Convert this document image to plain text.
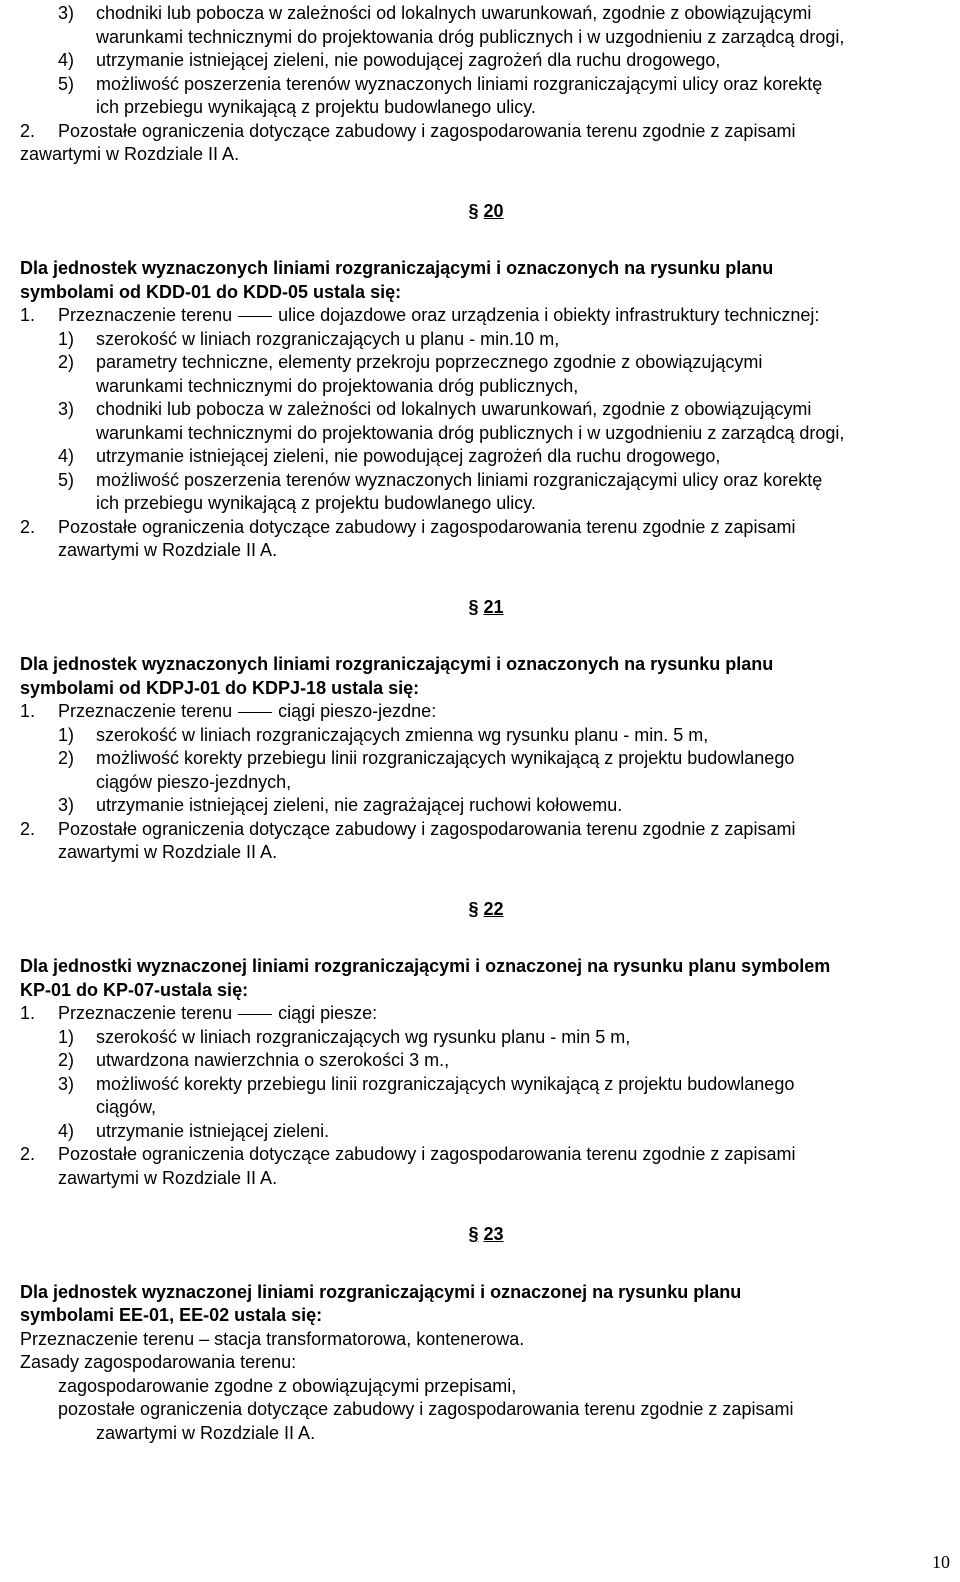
3)	chodniki lub pobocza w zależności od lokalnych uwarunkowań, zgodnie z obowiązującymi
warunkami technicznymi do projektowania dróg publicznych i w uzgodnieniu z zarządcą drogi,
4)	utrzymanie istniejącej zieleni, nie powodującej zagrożeń dla ruchu drogowego,
5)	możliwość poszerzenia terenów wyznaczonych liniami rozgraniczającymi ulicy oraz korektę
ich przebiegu wynikającą z projektu budowlanego ulicy.
2.	Pozostałe ograniczenia dotyczące zabudowy i zagospodarowania terenu zgodnie z zapisami

zawartymi w Rozdziale II A.

§ 20

Dla jednostek wyznaczonych liniami rozgraniczającymi i oznaczonych na rysunku planu
symbolami od KDD-01 do KDD-05 ustala się:

1.	Przeznaczenie terenu	ulice dojazdowe oraz urządzenia i obiekty infrastruktury technicznej:
1)	szerokość w liniach rozgraniczających u planu - min.10 m,
2)	parametry techniczne, elementy przekroju poprzecznego zgodnie z obowiązującymi
warunkami technicznymi do projektowania dróg publicznych,
3)	chodniki lub pobocza w zależności od lokalnych uwarunkowań, zgodnie z obowiązującymi
warunkami technicznymi do projektowania dróg publicznych i w uzgodnieniu z zarządcą drogi,
4)	utrzymanie istniejącej zieleni, nie powodującej zagrożeń dla ruchu drogowego,
5)	możliwość poszerzenia terenów wyznaczonych liniami rozgraniczającymi ulicy oraz korektę
ich przebiegu wynikającą z projektu budowlanego ulicy.
2.	Pozostałe ograniczenia dotyczące zabudowy i zagospodarowania terenu zgodnie z zapisami

zawartymi w Rozdziale II A.

§ 21

Dla jednostek wyznaczonych liniami rozgraniczającymi i oznaczonych na rysunku planu
symbolami od KDPJ-01 do KDPJ-18 ustala się:

1.	Przeznaczenie terenu	ciągi pieszo-jezdne:
1)	szerokość w liniach rozgraniczających zmienna wg rysunku planu - min. 5 m,
2)	możliwość korekty przebiegu linii rozgraniczających wynikającą z projektu budowlanego
ciągów pieszo-jezdnych,
3)	utrzymanie istniejącej zieleni, nie zagrażającej ruchowi kołowemu.
2.	Pozostałe ograniczenia dotyczące zabudowy i zagospodarowania terenu zgodnie z zapisami

zawartymi w Rozdziale II A.

§ 22

Dla jednostki wyznaczonej liniami rozgraniczającymi i oznaczonej na rysunku planu symbolem
KP-01 do KP-07-ustala się:

1.	Przeznaczenie terenu	ciągi piesze:
1)	szerokość w liniach rozgraniczających wg rysunku planu - min 5 m,
2)	utwardzona nawierzchnia o szerokości 3 m.,
3)	możliwość korekty przebiegu linii rozgraniczających wynikającą z projektu budowlanego
ciągów,
4)	utrzymanie istniejącej zieleni.
2.	Pozostałe ograniczenia dotyczące zabudowy i zagospodarowania terenu zgodnie z zapisami

zawartymi w Rozdziale II A.

§ 23

Dla jednostek wyznaczonej liniami rozgraniczającymi i oznaczonej na rysunku planu
symbolami EE-01, EE-02 ustala się:

Przeznaczenie terenu – stacja transformatorowa, kontenerowa.

Zasady zagospodarowania terenu:

zagospodarowanie zgodne z obowiązującymi przepisami,

pozostałe ograniczenia dotyczące zabudowy i zagospodarowania terenu zgodnie z zapisami

zawartymi w Rozdziale II A.

10
